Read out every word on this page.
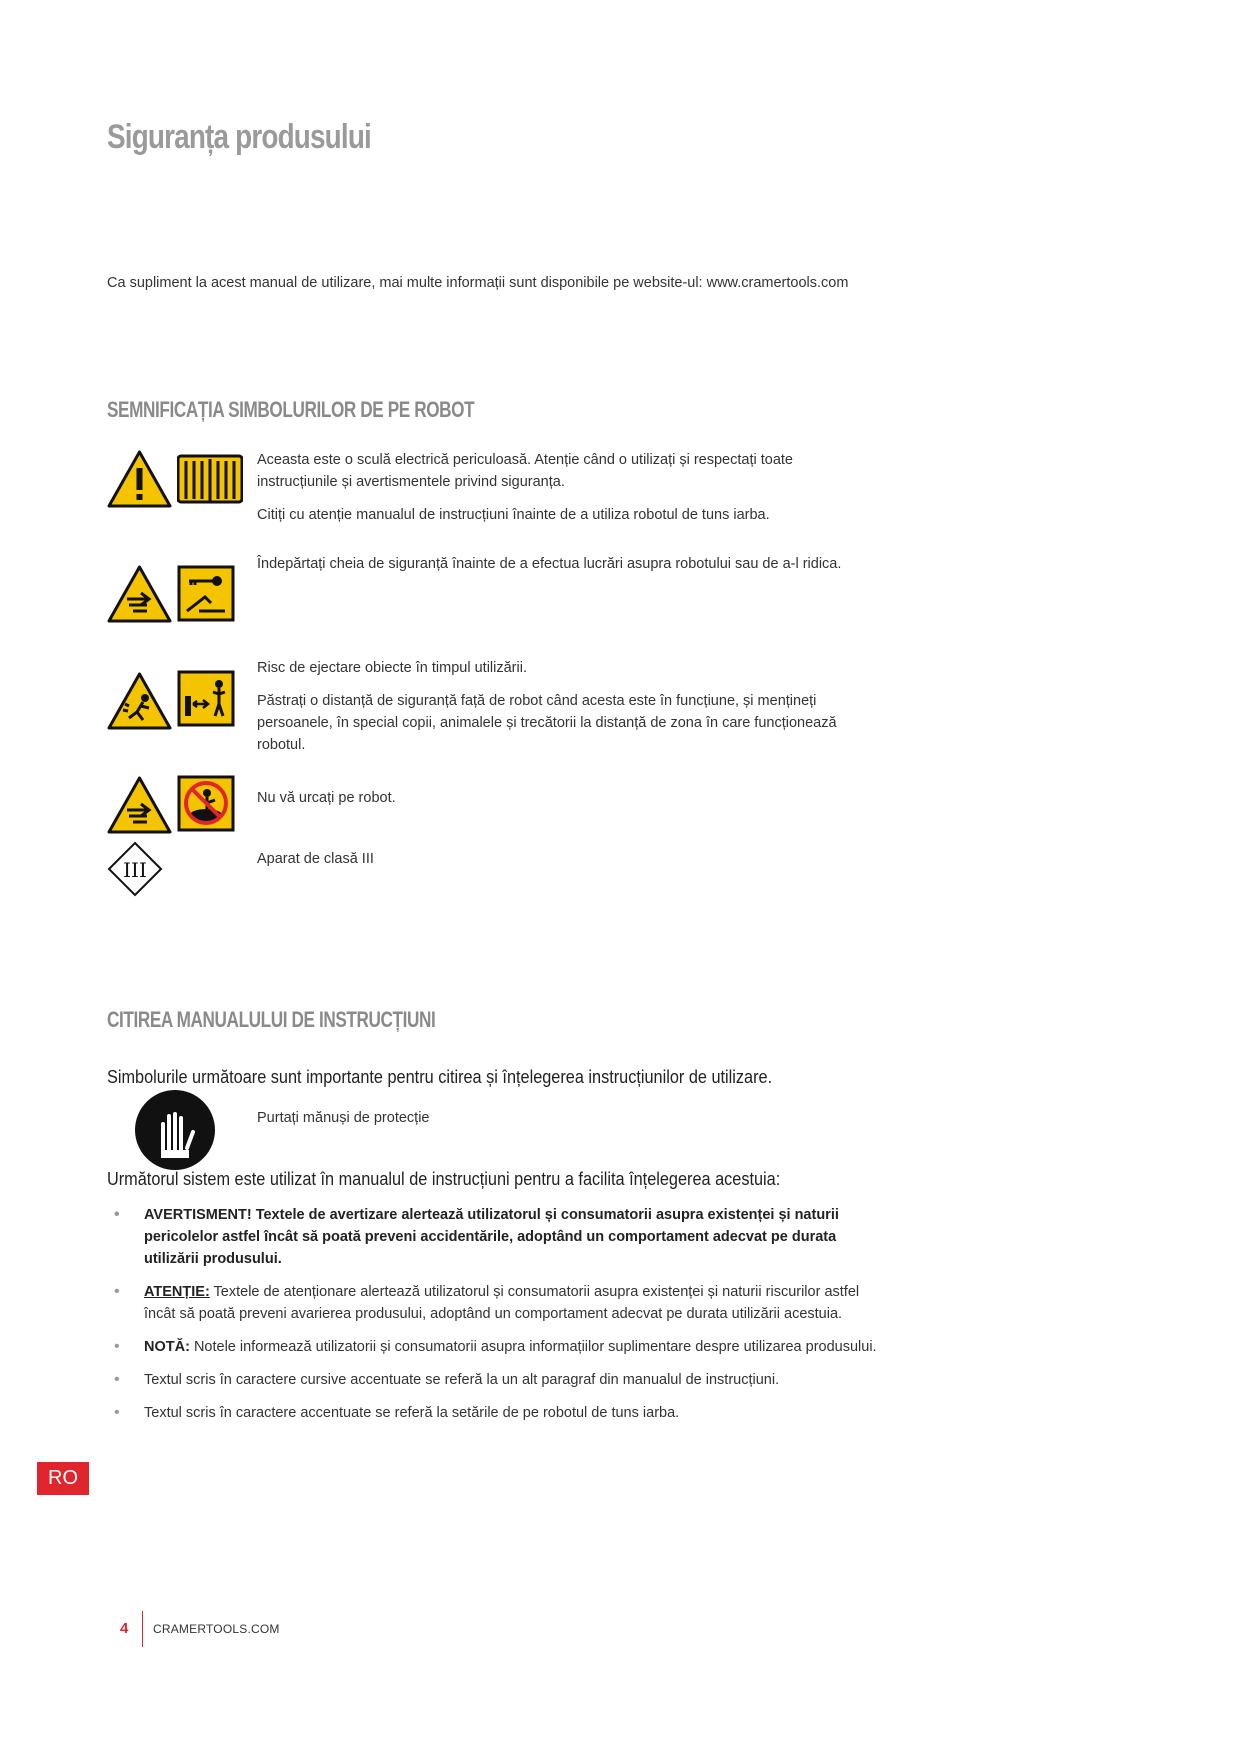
Siguranța produsului
Ca supliment la acest manual de utilizare, mai multe informații sunt disponibile pe website-ul: www.cramertools.com
SEMNIFICAȚIA SIMBOLURILOR DE PE ROBOT

Aceasta este o sculă electrică periculoasă. Atenție când o utilizați și respectați toate instrucțiunile și avertismentele privind siguranța.

Citiți cu atenție manualul de instrucțiuni înainte de a utiliza robotul de tuns iarba.

Îndepărtați cheia de siguranță înainte de a efectua lucrări asupra robotului sau de a-l ridica.

Risc de ejectare obiecte în timpul utilizării.

Păstrați o distanță de siguranță față de robot când acesta este în funcțiune, și mențineți persoanele, în special copii, animalele și trecătorii la distanță de zona în care funcționează robotul.

Nu vă urcați pe robot.

III	Aparat de clasă III

CITIREA MANUALULUI DE INSTRUCȚIUNI
Simbolurile următoare sunt importante pentru citirea și înțelegerea instrucțiunilor de utilizare.

Purtați mănuși de protecție

Următorul sistem este utilizat în manualul de instrucțiuni pentru a facilita înțelegerea acestuia:
• AVERTISMENT! Textele de avertizare alertează utilizatorul și consumatorii asupra existenței și naturii pericolelor astfel încât să poată preveni accidentările, adoptând un comportament adecvat pe durata utilizării produsului.
• ATENȚIE: Textele de atenționare alertează utilizatorul și consumatorii asupra existenței și naturii riscurilor astfel încât să poată preveni avarierea produsului, adoptând un comportament adecvat pe durata utilizării acestuia.
• NOTĂ: Notele informează utilizatorii și consumatorii asupra informațiilor suplimentare despre utilizarea produsului.
• Textul scris în caractere cursive accentuate se referă la un alt paragraf din manualul de instrucțiuni.
• Textul scris în caractere accentuate se referă la setările de pe robotul de tuns iarba.
RO
4 CRAMERTOOLS.COM
